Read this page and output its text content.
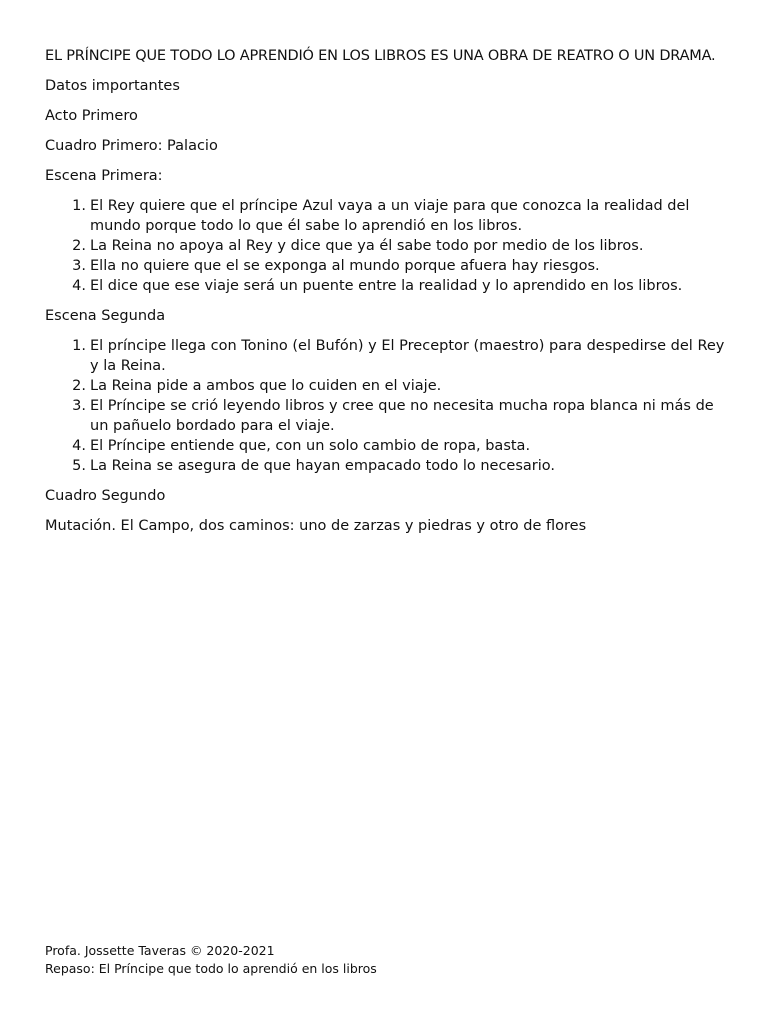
EL PRÍNCIPE QUE TODO LO APRENDIÓ EN LOS LIBROS ES UNA OBRA DE REATRO O UN DRAMA.
Datos importantes
Acto Primero
Cuadro Primero: Palacio
Escena Primera:
1. El Rey quiere que el príncipe Azul vaya a un viaje para que conozca la realidad del mundo porque todo lo que él sabe lo aprendió en los libros.
2. La Reina no apoya al Rey y dice que ya él sabe todo por medio de los libros.
3. Ella no quiere que el se exponga al mundo porque afuera hay riesgos.
4. El dice que ese viaje será un puente entre la realidad y lo aprendido en los libros.
Escena Segunda
1. El príncipe llega con Tonino (el Bufón) y El Preceptor (maestro) para despedirse del Rey y la Reina.
2. La Reina pide a ambos que lo cuiden en el viaje.
3. El Príncipe se crió leyendo libros y cree que no necesita mucha ropa blanca ni más de un pañuelo bordado para el viaje.
4. El Príncipe entiende que, con un solo cambio de ropa, basta.
5. La Reina se asegura de que hayan empacado todo lo necesario.
Cuadro Segundo
Mutación. El Campo, dos caminos: uno de zarzas y piedras y otro de flores
Profa. Jossette Taveras © 2020-2021
Repaso: El Príncipe que todo lo aprendió en los libros
